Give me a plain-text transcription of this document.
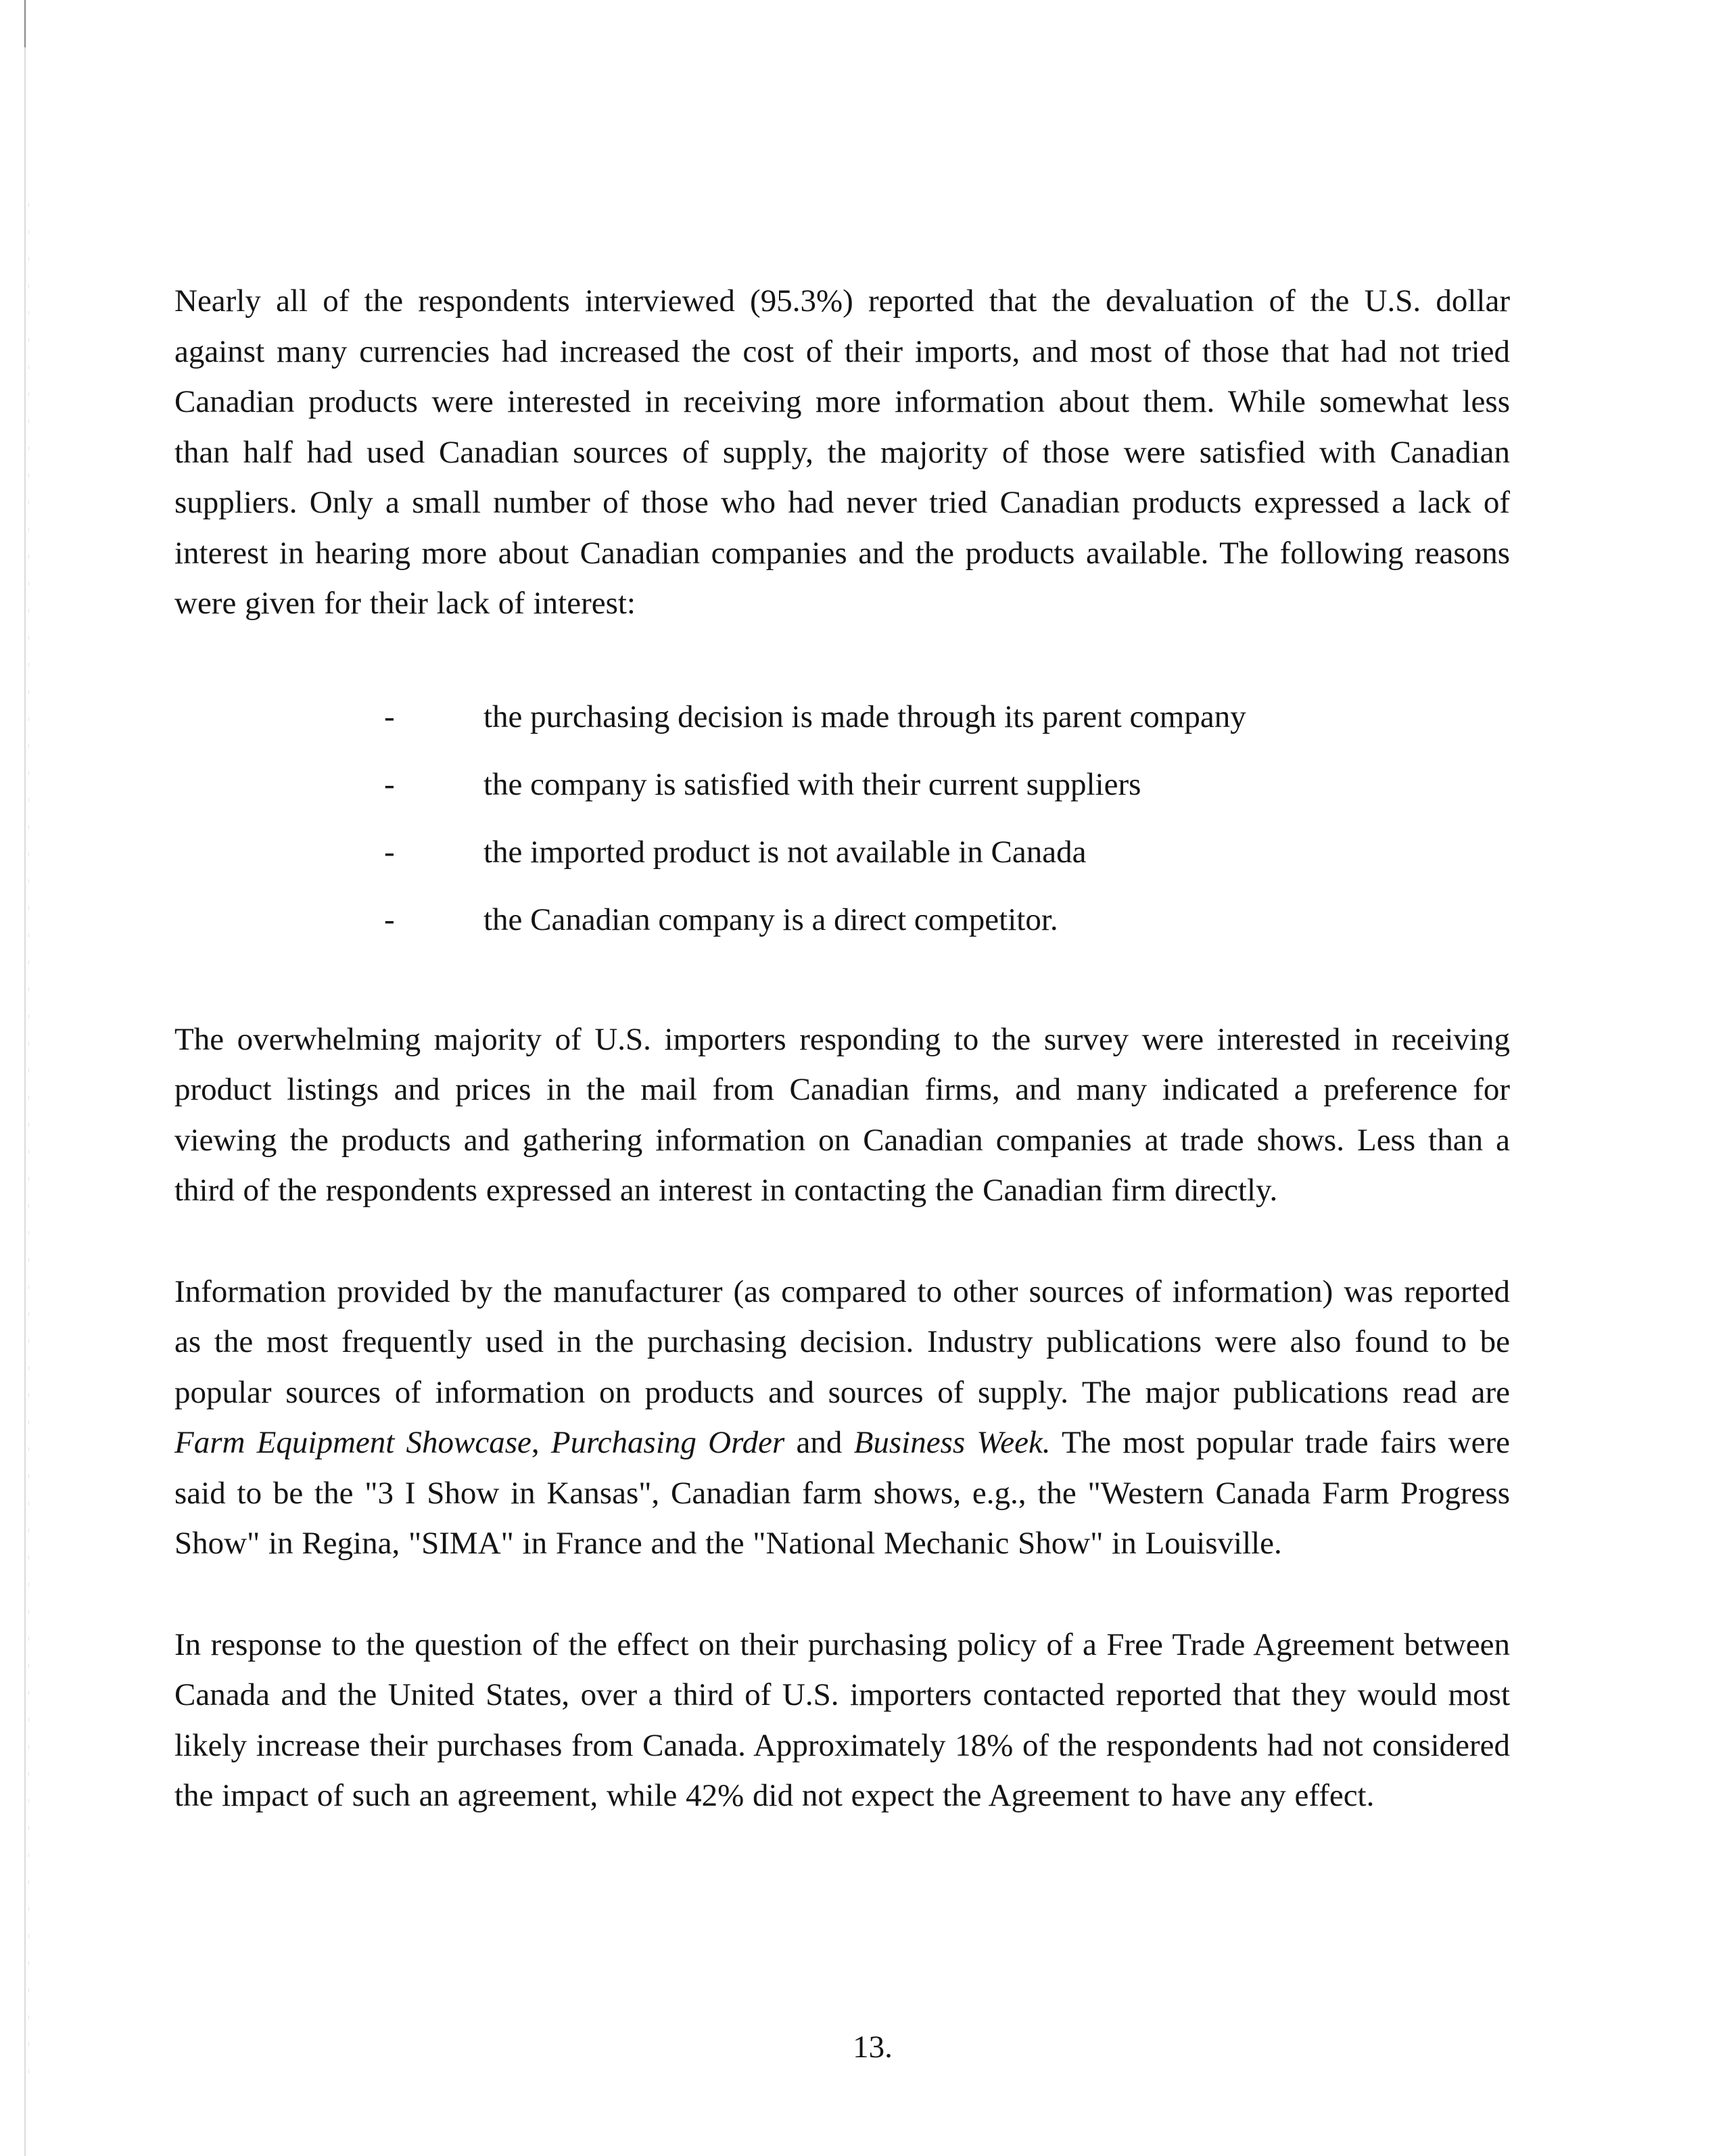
Nearly all of the respondents interviewed (95.3%) reported that the devaluation of the U.S. dollar against many currencies had increased the cost of their imports, and most of those that had not tried Canadian products were interested in receiving more information about them. While somewhat less than half had used Canadian sources of supply, the majority of those were satisfied with Canadian suppliers. Only a small number of those who had never tried Canadian products expressed a lack of interest in hearing more about Canadian companies and the products available. The following reasons were given for their lack of interest:

-	the purchasing decision is made through its parent company
-	the company is satisfied with their current suppliers
-	the imported product is not available in Canada
-	the Canadian company is a direct competitor.

The overwhelming majority of U.S. importers responding to the survey were interested in receiving product listings and prices in the mail from Canadian firms, and many indicated a preference for viewing the products and gathering information on Canadian companies at trade shows. Less than a third of the respondents expressed an interest in contacting the Canadian firm directly.

Information provided by the manufacturer (as compared to other sources of information) was reported as the most frequently used in the purchasing decision. Industry publications were also found to be popular sources of information on products and sources of supply. The major publications read are Farm Equipment Showcase, Purchasing Order and Business Week. The most popular trade fairs were said to be the "3 I Show in Kansas", Canadian farm shows, e.g., the "Western Canada Farm Progress Show" in Regina, "SIMA" in France and the "National Mechanic Show" in Louisville.

In response to the question of the effect on their purchasing policy of a Free Trade Agreement between Canada and the United States, over a third of U.S. importers contacted reported that they would most likely increase their purchases from Canada. Approximately 18% of the respondents had not considered the impact of such an agreement, while 42% did not expect the Agreement to have any effect.

13.
